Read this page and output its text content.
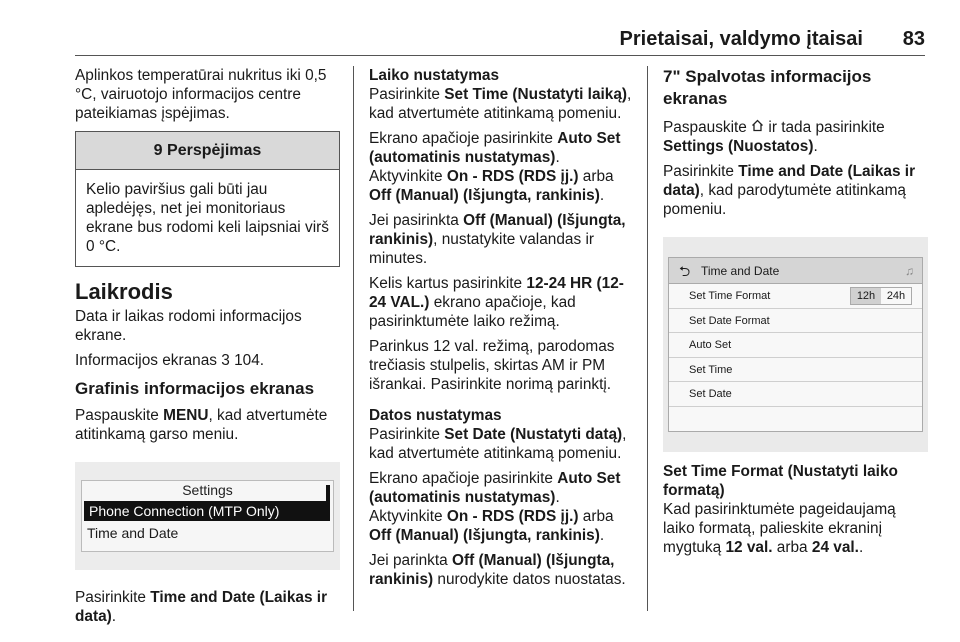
Prietaisai, valdymo įtaisai 83

Aplinkos temperatūrai nukritus iki 0,5 °C, vairuotojo informacijos centre pateikiamas įspėjimas.

9 Perspėjimas
Kelio paviršius gali būti jau apledėjęs, net jei monitoriaus ekrane bus rodomi keli laipsniai virš 0 °C.
Laikrodis

Data ir laikas rodomi informacijos ekrane.

Informacijos ekranas 3 104.

Grafinis informacijos ekranas

Paspauskite MENU, kad atvertumėte atitinkamą garso meniu.

Settings
Phone Connection (MTP Only)
Time and Date

Pasirinkite Time and Date (Laikas ir data).

Laiko nustatymas

Pasirinkite Set Time (Nustatyti laiką), kad atvertumėte atitinkamą pomeniu.

Ekrano apačioje pasirinkite Auto Set (automatinis nustatymas). Aktyvinkite On - RDS (RDS įj.) arba Off (Manual) (Išjungta, rankinis).

Jei pasirinkta Off (Manual) (Išjungta, rankinis), nustatykite valandas ir minutes.

Kelis kartus pasirinkite 12-24 HR (12-24 VAL.) ekrano apačioje, kad pasirinktumėte laiko režimą.

Parinkus 12 val. režimą, parodomas trečiasis stulpelis, skirtas AM ir PM išrankai. Pasirinkite norimą parinktį.

Datos nustatymas

Pasirinkite Set Date (Nustatyti datą), kad atvertumėte atitinkamą pomeniu.

Ekrano apačioje pasirinkite Auto Set (automatinis nustatymas). Aktyvinkite On - RDS (RDS įj.) arba Off (Manual) (Išjungta, rankinis).

Jei parinkta Off (Manual) (Išjungta, rankinis) nurodykite datos nuostatas.

7" Spalvotas informacijos ekranas

Paspauskite  ir tada pasirinkite Settings (Nuostatos).

Pasirinkite Time and Date (Laikas ir data), kad parodytumėte atitinkamą pomeniu.

⮌ Time and Date	♫
Set Time Format	12h	24h
Set Date Format
Auto Set
Set Time
Set Date
Set Time Format (Nustatyti laiko formatą)

Kad pasirinktumėte pageidaujamą laiko formatą, palieskite ekraninį mygtuką 12 val. arba 24 val..
